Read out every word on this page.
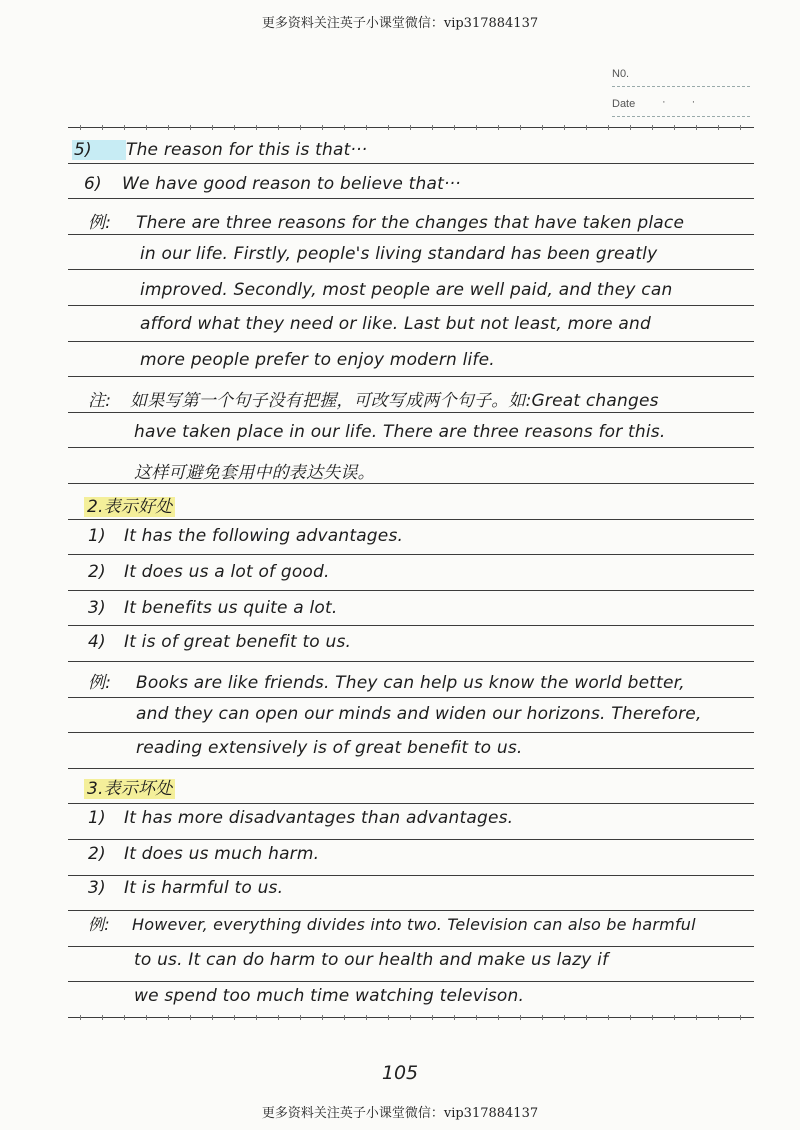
更多资料关注英子小课堂微信：vip317884137
N0.
Date ··
5) The reason for this is that···
6) We have good reason to believe that···
例: There are three reasons for the changes that have taken place
in our life. Firstly, people's living standard has been greatly
improved. Secondly, most people are well paid, and they can
afford what they need or like. Last but not least, more and
more people prefer to enjoy modern life.
注: 如果写第一个句子没有把握，可改写成两个句子。如:Great changes
have taken place in our life. There are three reasons for this.
这样可避免套用中的表达失误。
2.表示好处
1) It has the following advantages.
2) It does us a lot of good.
3) It benefits us quite a lot.
4) It is of great benefit to us.
例: Books are like friends. They can help us know the world better,
and they can open our minds and widen our horizons. Therefore,
reading extensively is of great benefit to us.
3.表示坏处
1) It has more disadvantages than advantages.
2) It does us much harm.
3) It is harmful to us.
例: However, everything divides into two. Television can also be harmful
to us. It can do harm to our health and make us lazy if
we spend too much time watching televison.
105
更多资料关注英子小课堂微信：vip317884137
